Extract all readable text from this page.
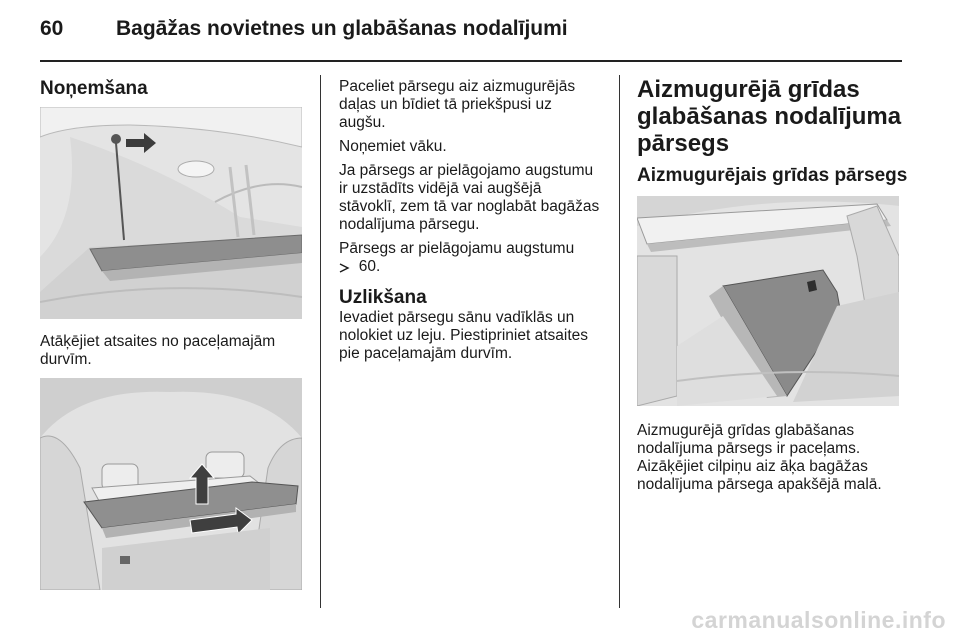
60	Bagāžas novietnes un glabāšanas nodalījumi
Noņemšana
Atāķējiet atsaites no paceļamajām
durvīm.
Paceliet pārsegu aiz aizmugurējās
daļas un bīdiet tā priekšpusi uz
augšu.
Noņemiet vāku.
Ja pārsegs ar pielāgojamo augstumu
ir uzstādīts vidējā vai augšējā
stāvoklī, zem tā var noglabāt bagāžas
nodalījuma pārsegu.
Pārsegs ar pielāgojamu augstumu
  60.
Uzlikšana
Ievadiet pārsegu sānu vadīklās un
nolokiet uz leju. Piestipriniet atsaites
pie paceļamajām durvīm.
Aizmugurējā grīdas
glabāšanas nodalījuma
pārsegs
Aizmugurējais grīdas pārsegs
Aizmugurējā grīdas glabāšanas
nodalījuma pārsegs ir paceļams.
Aizāķējiet cilpiņu aiz āķa bagāžas
nodalījuma pārsega apakšējā malā.
carmanualsonline.info
